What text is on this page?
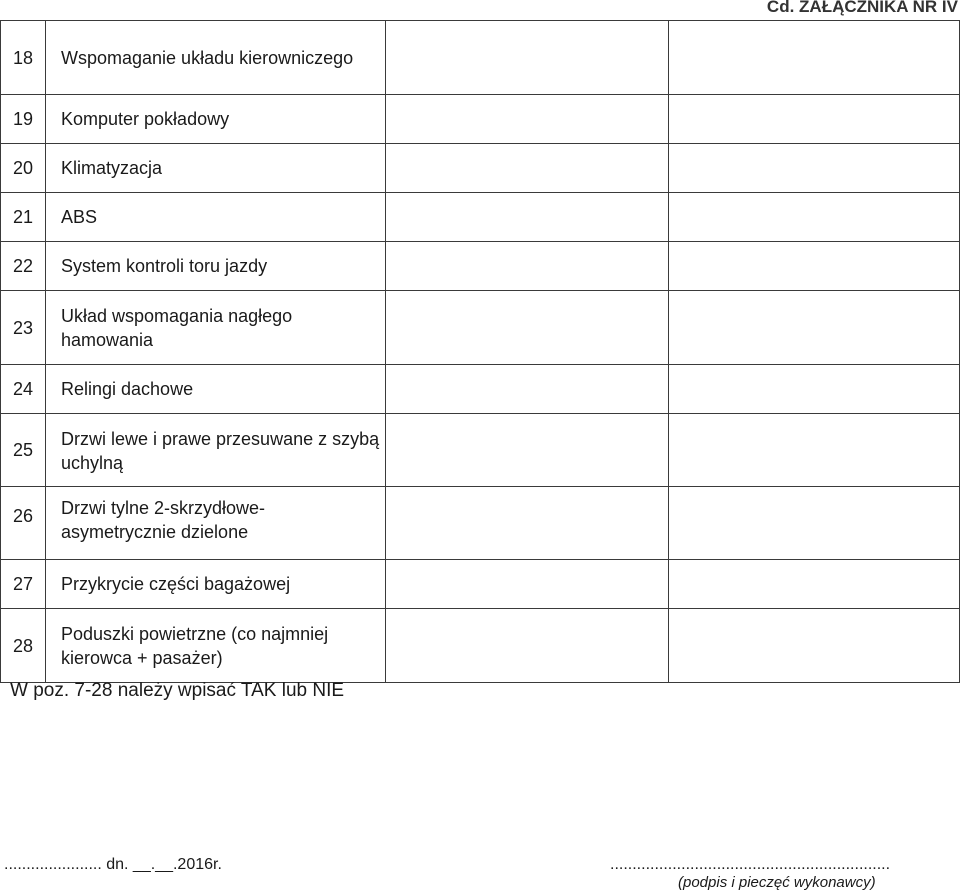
Cd. ZAŁĄCZNIKA NR IV
18	Wspomaganie układu kierowniczego		
19	Komputer pokładowy		
20	Klimatyzacja		
21	ABS		
22	System kontroli toru jazdy		
23	Układ wspomagania nagłego hamowania		
24	Relingi dachowe		
25	Drzwi lewe i prawe przesuwane z szybą uchylną		
26	Drzwi tylne 2-skrzydłowe- asymetrycznie dzielone		
27	Przykrycie części bagażowej		
28	Poduszki powietrzne (co najmniej kierowca + pasażer)		
W poz. 7-28 należy wpisać TAK lub NIE
...................... dn. __.__.2016r.	...............................................................
(podpis i pieczęć wykonawcy)
